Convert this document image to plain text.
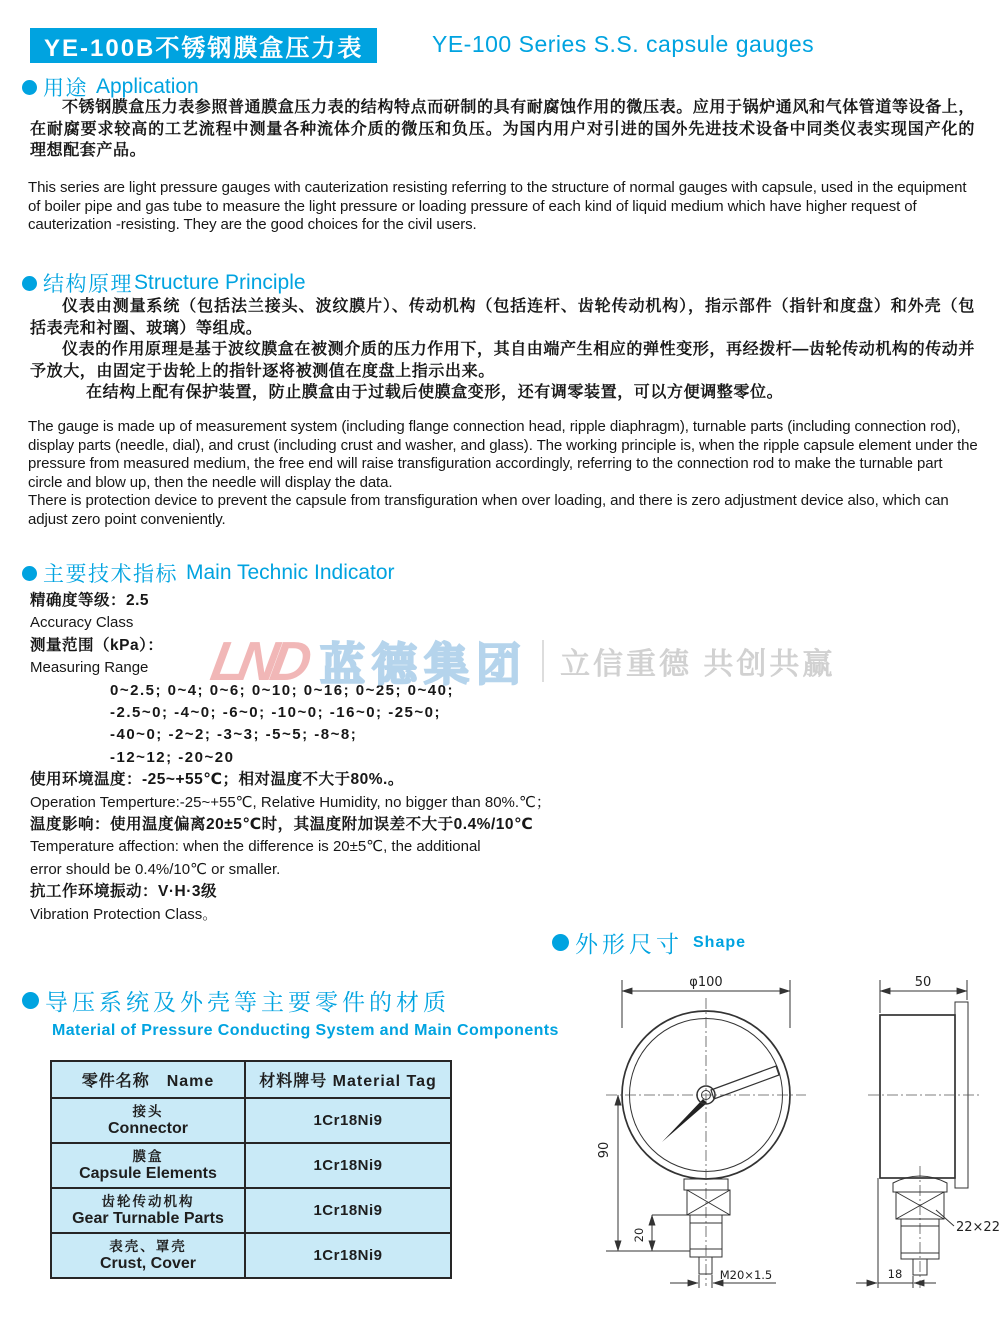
YE-100B不锈钢膜盒压力表	YE-100 Series S.S. capsule gauges
用途 Application

不锈钢膜盒压力表参照普通膜盒压力表的结构特点而研制的具有耐腐蚀作用的微压表。应用于锅炉通风和气体管道等设备上，在耐腐要求较高的工艺流程中测量各种流体介质的微压和负压。为国内用户对引进的国外先进技术设备中同类仪表实现国产化的理想配套产品。

This series are light pressure gauges with cauterization resisting referring to the structure of normal gauges with capsule, used in the equipment of boiler pipe and gas tube to measure the light pressure or loading pressure of each kind of liquid medium which have higher request of cauterization -resisting. They are the good choices for the civil users.

结构原理 Structure Principle

仪表由测量系统（包括法兰接头、波纹膜片）、传动机构（包括连杆、齿轮传动机构），指示部件（指针和度盘）和外壳（包括表壳和衬圈、玻璃）等组成。

仪表的作用原理是基于波纹膜盒在被测介质的压力作用下，其自由端产生相应的弹性变形，再经拨杆—齿轮传动机构的传动并予放大，由固定于齿轮上的指针逐将被测值在度盘上指示出来。

在结构上配有保护装置，防止膜盒由于过载后使膜盒变形，还有调零装置，可以方便调整零位。

The gauge is made up of measurement system (including flange connection head, ripple diaphragm), turnable parts (including connection rod), display parts (needle, dial), and crust (including crust and washer, and glass). The working principle is, when the ripple capsule element under the pressure from measured medium, the free end will raise transfiguration accordingly, referring to the connection rod to make the turnable part circle and blow up, then the needle will display the data.

There is protection device to prevent the capsule from transfiguration when over loading, and there is zero adjustment device also, which can adjust zero point conveniently.

主要技术指标 Main Technic Indicator
精确度等级：2.5
Accuracy Class
测量范围（kPa）：
Measuring Range
0~2.5; 0~4; 0~6; 0~10; 0~16; 0~25; 0~40;
-2.5~0; -4~0; -6~0; -10~0; -16~0; -25~0;
-40~0; -2~2; -3~3; -5~5; -8~8;
-12~12; -20~20
使用环境温度：-25~+55℃；相对温度不大于80%.。
Operation Temperture:-25~+55℃, Relative Humidity, no bigger than 80%.℃；
温度影响：使用温度偏离20±5℃时，其温度附加误差不大于0.4%/10℃
Temperature affection: when the difference is 20±5℃, the additional
error should be 0.4%/10℃ or smaller.
抗工作环境振动：V·H·3级
Vibration Protection Class。
LND 蓝德集团 立信重德 共创共赢
外形尺寸 Shape
导压系统及外壳等主要零件的材质
Material of Pressure Conducting System and Main Components
零件名称　Name	材料牌号 Material Tag

接头
Connector	1Cr18Ni9

膜盒
Capsule Elements	1Cr18Ni9

齿轮传动机构
Gear Turnable Parts	1Cr18Ni9

表壳、罩壳
Crust, Cover	1Cr18Ni9
φ100
90
20
M20×1.5
50
22×22
18
